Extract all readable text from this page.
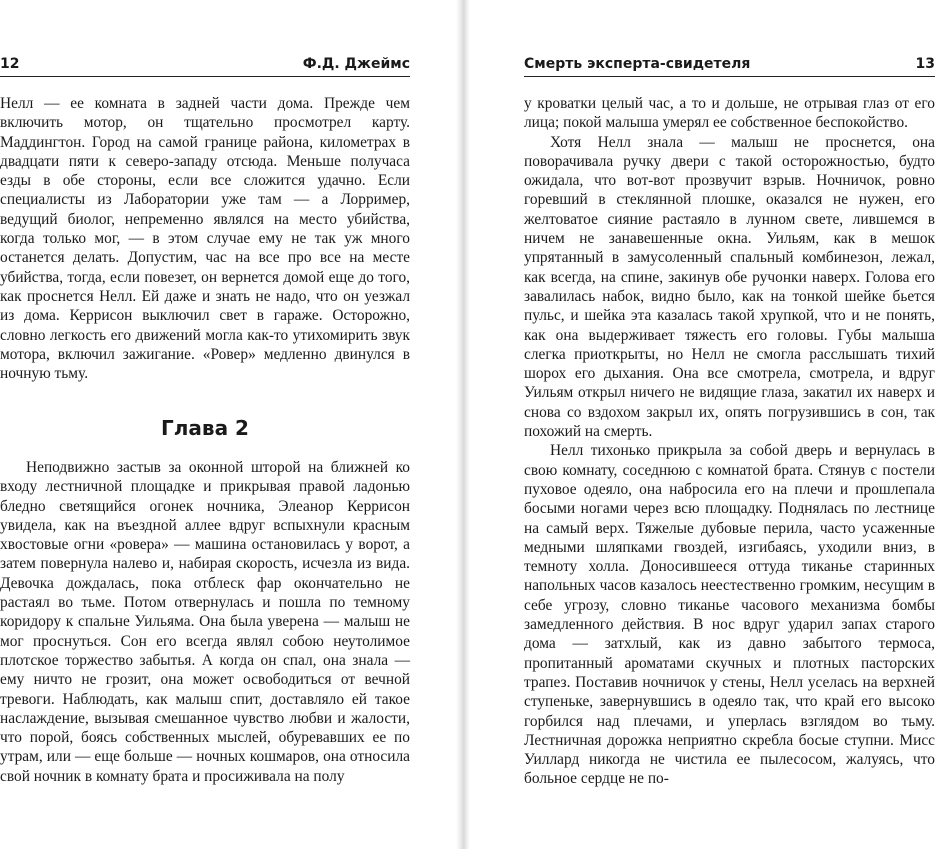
12	Ф.Д. Джеймс

Нелл — ее комната в задней части дома. Прежде чем включить мотор, он тщательно просмотрел карту. Маддингтон. Город на самой границе района, километрах в двадцати пяти к северо-западу отсюда. Меньше получаса езды в обе стороны, если все сложится удачно. Если специалисты из Лаборатории уже там — а Лорример, ведущий биолог, непременно являлся на место убийства, когда только мог, — в этом случае ему не так уж много останется делать. Допустим, час на все про все на месте убийства, тогда, если повезет, он вернется домой еще до того, как проснется Нелл. Ей даже и знать не надо, что он уезжал из дома. Керрисон выключил свет в гараже. Осторожно, словно легкость его движений могла как-то утихомирить звук мотора, включил зажигание. «Ровер» медленно двинулся в ночную тьму.

Глава 2

Неподвижно застыв за оконной шторой на ближней ко входу лестничной площадке и прикрывая правой ладонью бледно светящийся огонек ночника, Элеанор Керрисон увидела, как на въездной аллее вдруг вспыхнули красным хвостовые огни «ровера» — машина остановилась у ворот, а затем повернула налево и, набирая скорость, исчезла из вида. Девочка дождалась, пока отблеск фар окончательно не растаял во тьме. Потом отвернулась и пошла по темному коридору к спальне Уильяма. Она была уверена — малыш не мог проснуться. Сон его всегда являл собою неутолимое плотское торжество забытья. А когда он спал, она знала — ему ничто не грозит, она может освободиться от вечной тревоги. Наблюдать, как малыш спит, доставляло ей такое наслаждение, вызывая смешанное чувство любви и жалости, что порой, боясь собственных мыслей, обуревавших ее по утрам, или — еще больше — ночных кошмаров, она относила свой ночник в комнату брата и просиживала на полу

Смерть эксперта-свидетеля	13

у кроватки целый час, а то и дольше, не отрывая глаз от его лица; покой малыша умерял ее собственное беспокойство.

Хотя Нелл знала — малыш не проснется, она поворачивала ручку двери с такой осторожностью, будто ожидала, что вот-вот прозвучит взрыв. Ночничок, ровно горевший в стеклянной плошке, оказался не нужен, его желтоватое сияние растаяло в лунном свете, лившемся в ничем не занавешенные окна. Уильям, как в мешок упрятанный в замусоленный спальный комбинезон, лежал, как всегда, на спине, закинув обе ручонки наверх. Голова его завалилась набок, видно было, как на тонкой шейке бьется пульс, и шейка эта казалась такой хрупкой, что и не понять, как она выдерживает тяжесть его головы. Губы малыша слегка приоткрыты, но Нелл не смогла расслышать тихий шорох его дыхания. Она все смотрела, смотрела, и вдруг Уильям открыл ничего не видящие глаза, закатил их наверх и снова со вздохом закрыл их, опять погрузившись в сон, так похожий на смерть.

Нелл тихонько прикрыла за собой дверь и вернулась в свою комнату, соседнюю с комнатой брата. Стянув с постели пуховое одеяло, она набросила его на плечи и прошлепала босыми ногами через всю площадку. Поднялась по лестнице на самый верх. Тяжелые дубовые перила, часто усаженные медными шляпками гвоздей, изгибаясь, уходили вниз, в темноту холла. Доносившееся оттуда тиканье старинных напольных часов казалось неестественно громким, несущим в себе угрозу, словно тиканье часового механизма бомбы замедленного действия. В нос вдруг ударил запах старого дома — затхлый, как из давно забытого термоса, пропитанный ароматами скучных и плотных пасторских трапез. Поставив ночничок у стены, Нелл уселась на верхней ступеньке, завернувшись в одеяло так, что край его высоко горбился над плечами, и уперлась взглядом во тьму. Лестничная дорожка неприятно скребла босые ступни. Мисс Уиллард никогда не чистила ее пылесосом, жалуясь, что больное сердце не по-
